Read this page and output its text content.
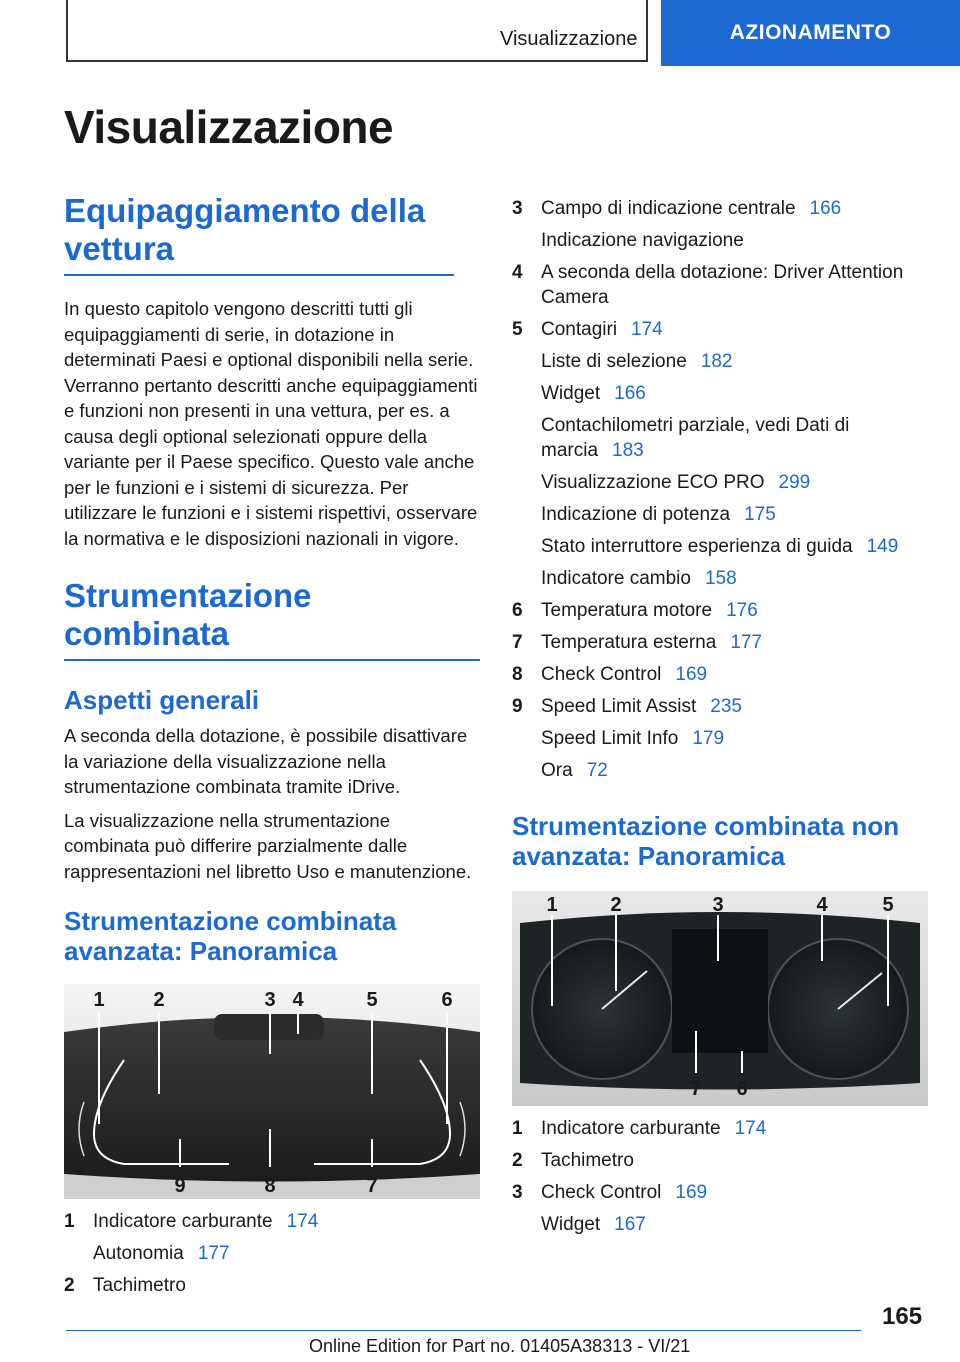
Visualizzazione	AZIONAMENTO
Visualizzazione
Equipaggiamento della vettura

In questo capitolo vengono descritti tutti gli equipaggiamenti di serie, in dotazione in determinati Paesi e optional disponibili nella serie. Verranno pertanto descritti anche equipaggiamenti e funzioni non presenti in una vettura, per es. a causa degli optional selezionati oppure della variante per il Paese specifico. Questo vale anche per le funzioni e i sistemi di sicurezza. Per utilizzare le funzioni e i sistemi rispettivi, osservare la normativa e le disposizioni nazionali in vigore.

Strumentazione combinata
Aspetti generali

A seconda della dotazione, è possibile disattivare la variazione della visualizzazione nella strumentazione combinata tramite iDrive.

La visualizzazione nella strumentazione combinata può differire parzialmente dalle rappresentazioni nel libretto Uso e manutenzione.

Strumentazione combinata avanzata: Panoramica
1 2	3 4	5	6
9	8	7
1 Indicatore carburante 174
Autonomia 177
2 Tachimetro
3 Campo di indicazione centrale 166
Indicazione navigazione
4 A seconda della dotazione: Driver Attention Camera
5 Contagiri 174
Liste di selezione 182
Widget 166
Contachilometri parziale, vedi Dati di marcia 183
Visualizzazione ECO PRO 299
Indicazione di potenza 175
Stato interruttore esperienza di guida 149
Indicatore cambio 158
6 Temperatura motore 176
7 Temperatura esterna 177
8 Check Control 169
9 Speed Limit Assist 235
Speed Limit Info 179
Ora 72
Strumentazione combinata non avanzata: Panoramica
1	2	3	4	5
7 6
1 Indicatore carburante 174
2 Tachimetro
3 Check Control 169
Widget 167
165
Online Edition for Part no. 01405A38313 - VI/21
